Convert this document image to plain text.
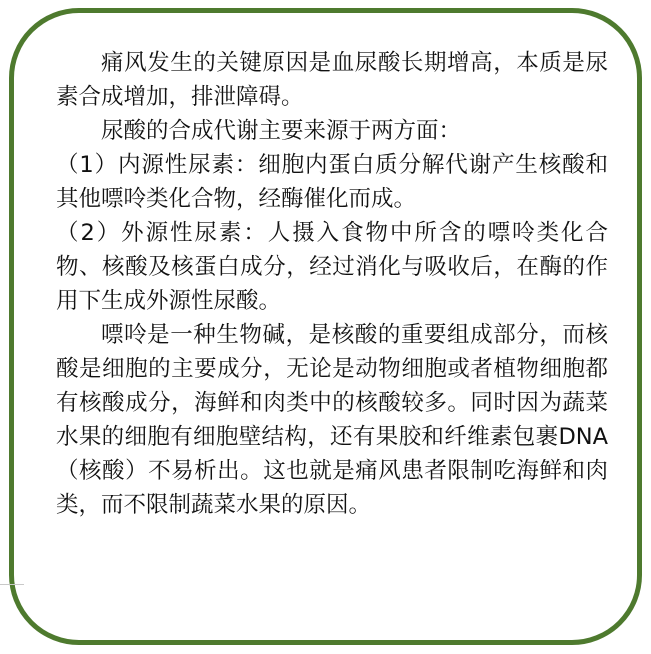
痛风发生的关键原因是血尿酸长期增高，本质是尿素合成增加，排泄障碍。

尿酸的合成代谢主要来源于两方面：

（1）内源性尿素：细胞内蛋白质分解代谢产生核酸和其他嘌呤类化合物，经酶催化而成。

（2）外源性尿素：人摄入食物中所含的嘌呤类化合物、核酸及核蛋白成分，经过消化与吸收后，在酶的作用下生成外源性尿酸。

嘌呤是一种生物碱，是核酸的重要组成部分，而核酸是细胞的主要成分，无论是动物细胞或者植物细胞都有核酸成分，海鲜和肉类中的核酸较多。同时因为蔬菜水果的细胞有细胞壁结构，还有果胶和纤维素包裹DNA（核酸）不易析出。这也就是痛风患者限制吃海鲜和肉类，而不限制蔬菜水果的原因。
